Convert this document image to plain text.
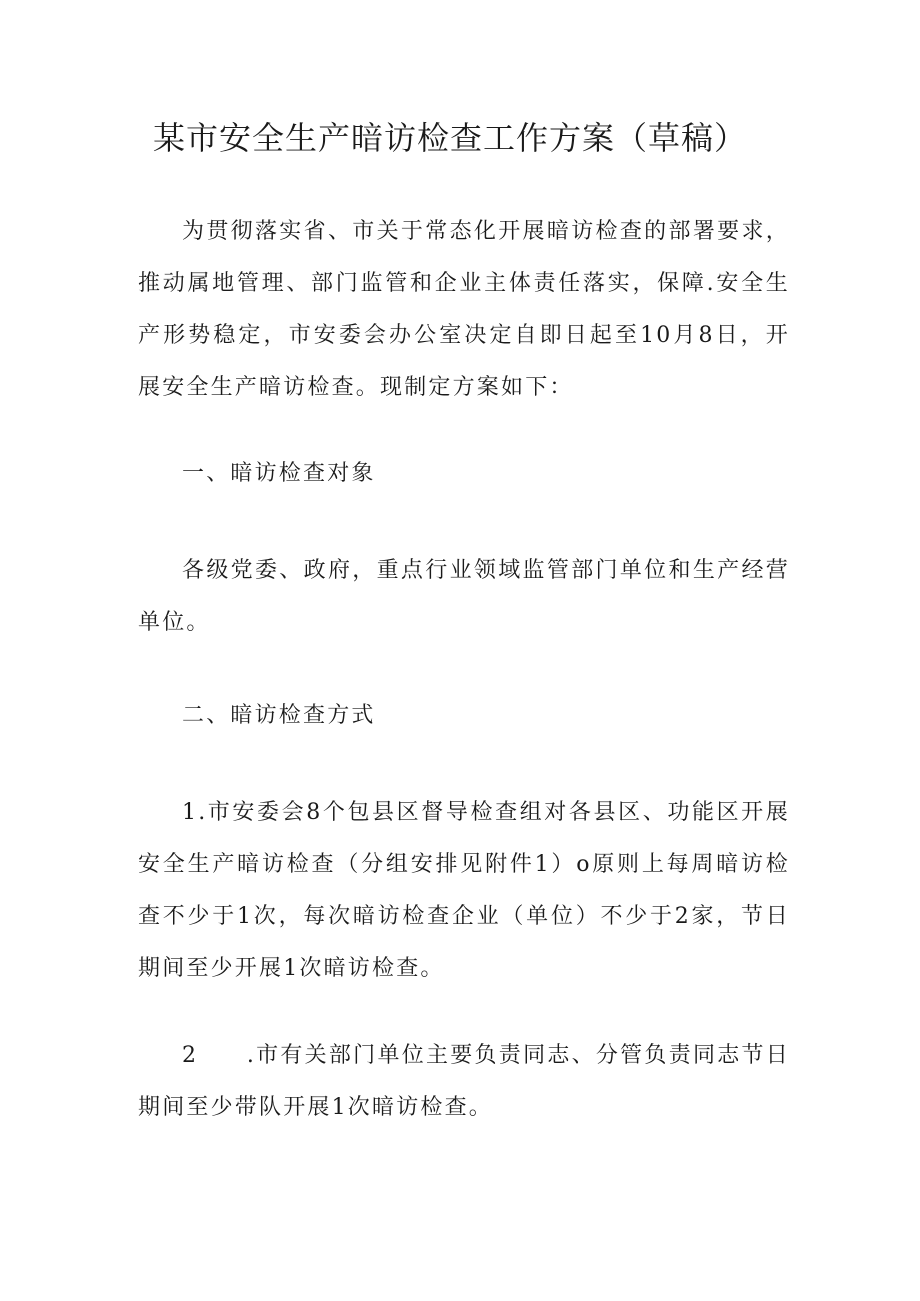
某市安全生产暗访检查工作方案（草稿）

为贯彻落实省、市关于常态化开展暗访检查的部署要求，推动属地管理、部门监管和企业主体责任落实，保障.安全生产形势稳定，市安委会办公室决定自即日起至10月8日，开展安全生产暗访检查。现制定方案如下：

一、暗访检查对象

各级党委、政府，重点行业领域监管部门单位和生产经营单位。

二、暗访检查方式

1.市安委会8个包县区督导检查组对各县区、功能区开展安全生产暗访检查（分组安排见附件1）o原则上每周暗访检查不少于1次，每次暗访检查企业（单位）不少于2家，节日期间至少开展1次暗访检查。

2　　.市有关部门单位主要负责同志、分管负责同志节日期间至少带队开展1次暗访检查。
